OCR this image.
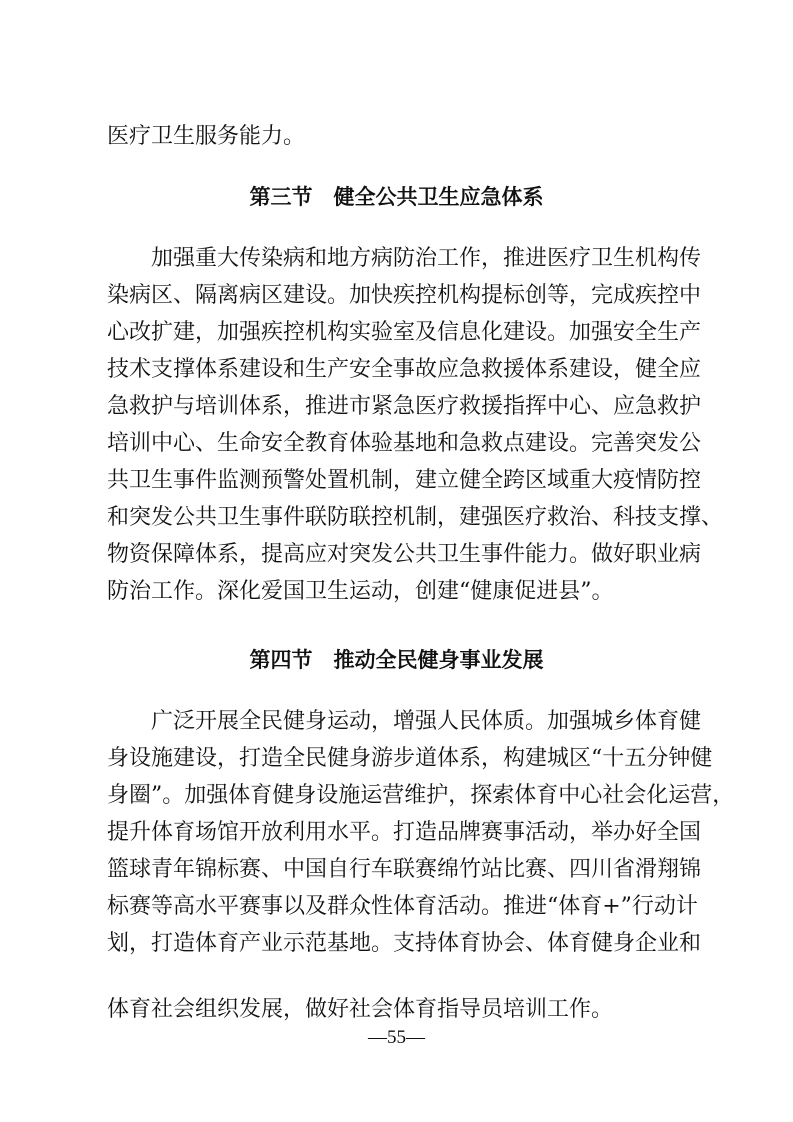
医疗卫生服务能力。
第三节　健全公共卫生应急体系
　　加强重大传染病和地方病防治工作，推进医疗卫生机构传
染病区、隔离病区建设。加快疾控机构提标创等，完成疾控中
心改扩建，加强疾控机构实验室及信息化建设。加强安全生产
技术支撑体系建设和生产安全事故应急救援体系建设，健全应
急救护与培训体系，推进市紧急医疗救援指挥中心、应急救护
培训中心、生命安全教育体验基地和急救点建设。完善突发公
共卫生事件监测预警处置机制，建立健全跨区域重大疫情防控
和突发公共卫生事件联防联控机制，建强医疗救治、科技支撑、
物资保障体系，提高应对突发公共卫生事件能力。做好职业病
防治工作。深化爱国卫生运动，创建“健康促进县”。
第四节　推动全民健身事业发展
　　广泛开展全民健身运动，增强人民体质。加强城乡体育健
身设施建设，打造全民健身游步道体系，构建城区“十五分钟健
身圈”。加强体育健身设施运营维护，探索体育中心社会化运营，
提升体育场馆开放利用水平。打造品牌赛事活动，举办好全国
篮球青年锦标赛、中国自行车联赛绵竹站比赛、四川省滑翔锦
标赛等高水平赛事以及群众性体育活动。推进“体育+”行动计
划，打造体育产业示范基地。支持体育协会、体育健身企业和
体育社会组织发展，做好社会体育指导员培训工作。
—55—
